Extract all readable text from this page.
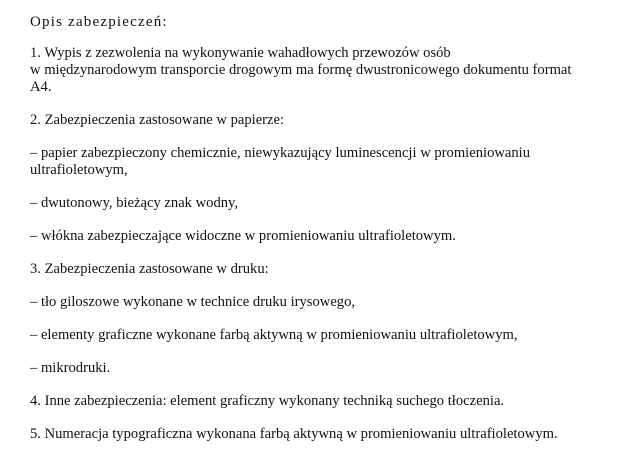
Opis zabezpieczeń:
1. Wypis z zezwolenia na wykonywanie wahadłowych przewozów osób
w międzynarodowym transporcie drogowym ma formę dwustronicowego dokumentu format
A4.
2. Zabezpieczenia zastosowane w papierze:
– papier zabezpieczony chemicznie, niewykazujący luminescencji w promieniowaniu
ultrafioletowym,
– dwutonowy, bieżący znak wodny,
– włókna zabezpieczające widoczne w promieniowaniu ultrafioletowym.
3. Zabezpieczenia zastosowane w druku:
– tło giloszowe wykonane w technice druku irysowego,
– elementy graficzne wykonane farbą aktywną w promieniowaniu ultrafioletowym,
– mikrodruki.
4. Inne zabezpieczenia: element graficzny wykonany techniką suchego tłoczenia.
5. Numeracja typograficzna wykonana farbą aktywną w promieniowaniu ultrafioletowym.
